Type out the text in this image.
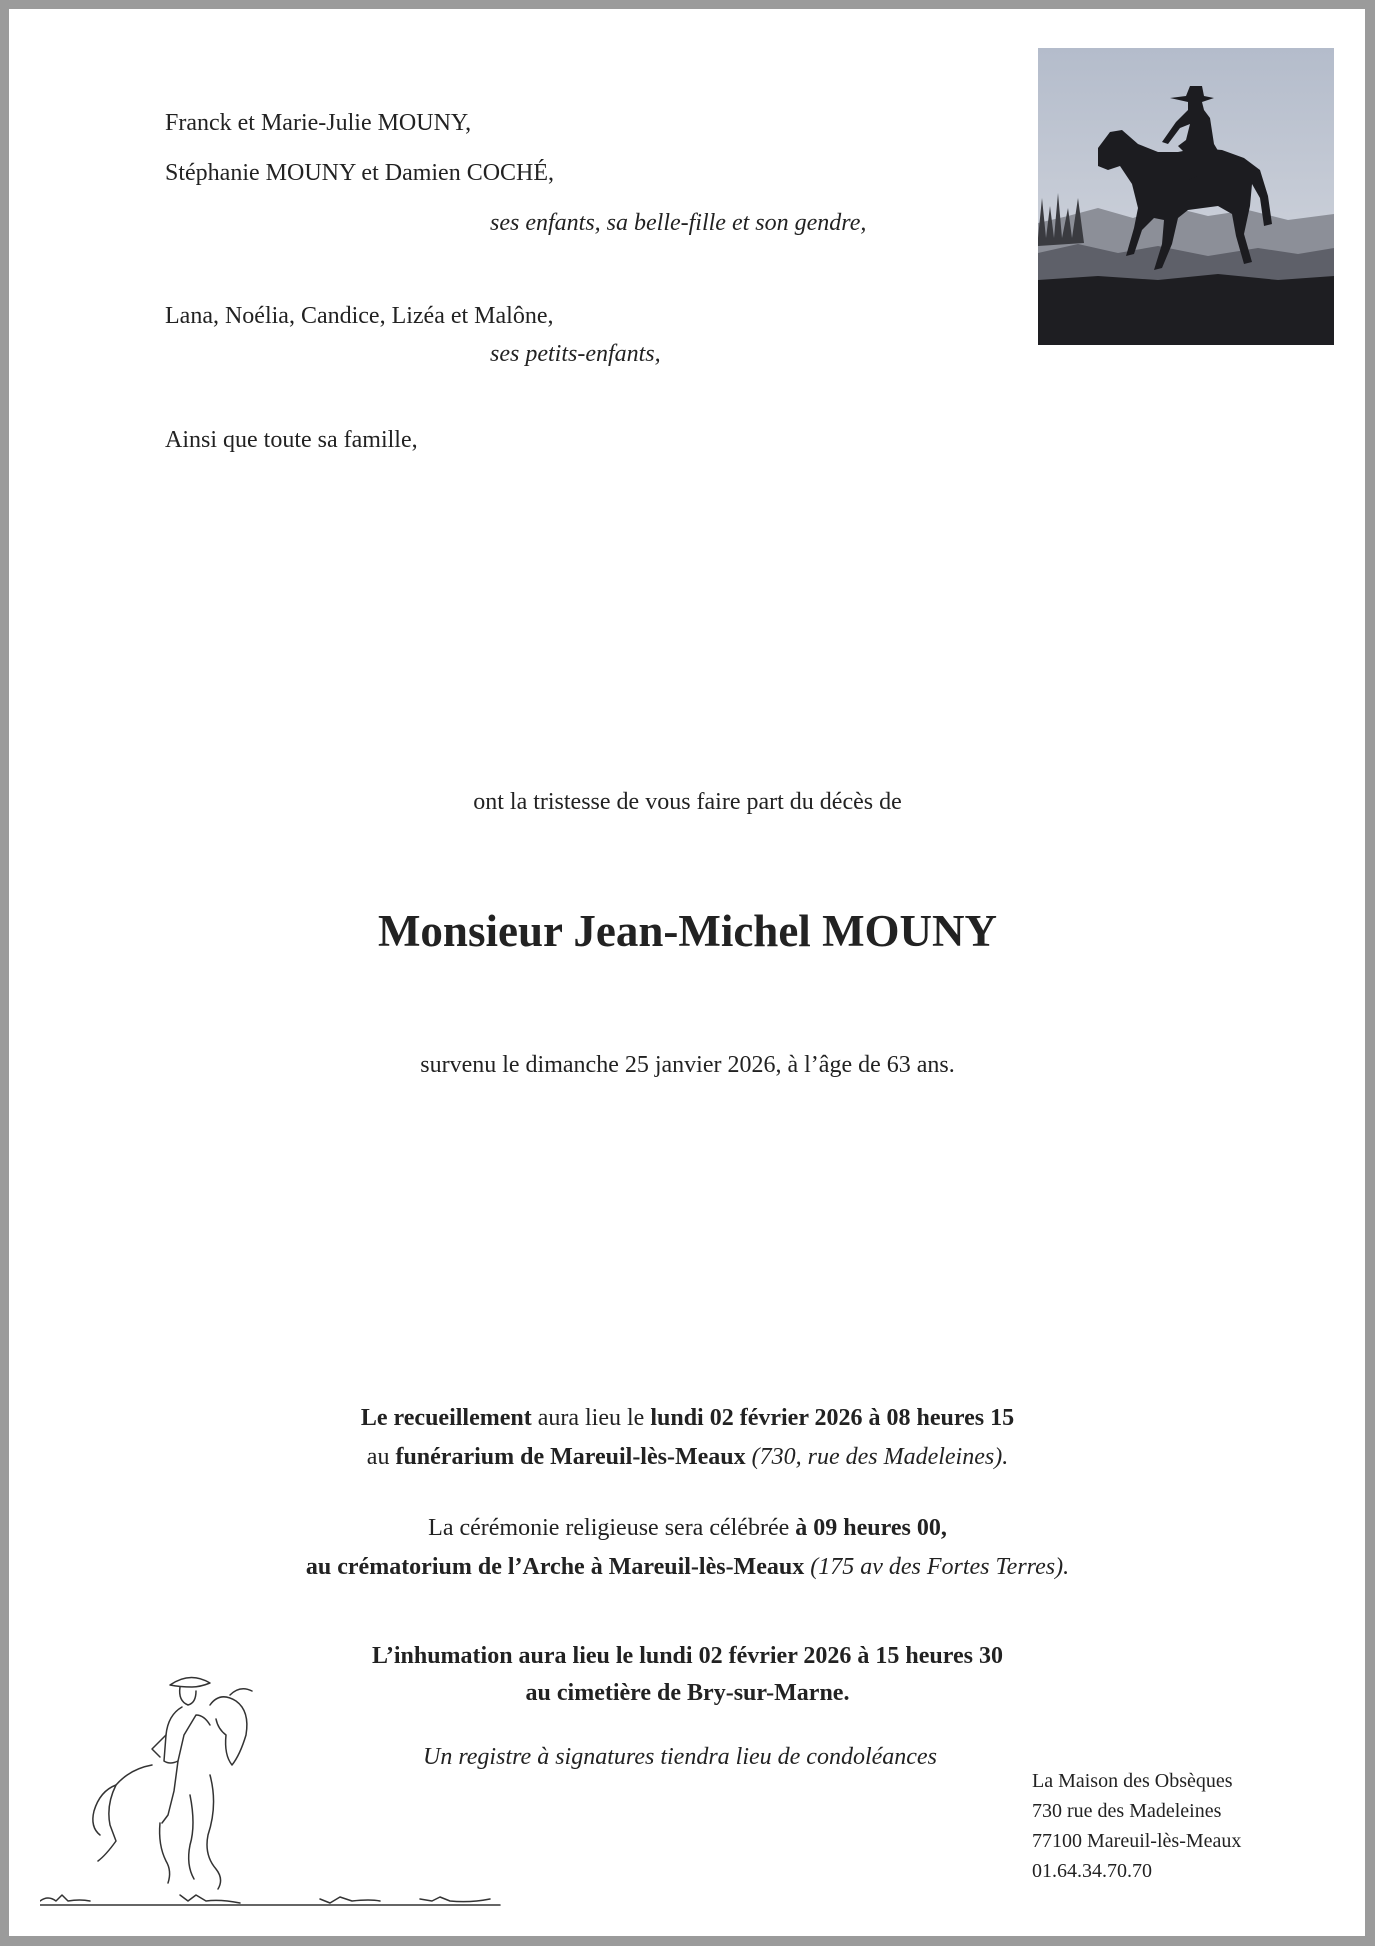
Franck et Marie-Julie MOUNY,
Stéphanie MOUNY et Damien COCHÉ,
ses enfants, sa belle-fille et son gendre,
Lana, Noélia, Candice, Lizéa et Malône,
ses petits-enfants,
Ainsi que toute sa famille,
ont la tristesse de vous faire part du décès de
Monsieur Jean-Michel MOUNY
survenu le dimanche 25 janvier 2026, à l’âge de 63 ans.
Le recueillement aura lieu le lundi 02 février 2026 à 08 heures 15
au funérarium de Mareuil-lès-Meaux (730, rue des Madeleines).
La cérémonie religieuse sera célébrée à 09 heures 00,
au crématorium de l’Arche à Mareuil-lès-Meaux (175 av des Fortes Terres).
L’inhumation aura lieu le lundi 02 février 2026 à 15 heures 30
au cimetière de Bry-sur-Marne.
Un registre à signatures tiendra lieu de condoléances
La Maison des Obsèques
730 rue des Madeleines
77100 Mareuil-lès-Meaux
01.64.34.70.70
